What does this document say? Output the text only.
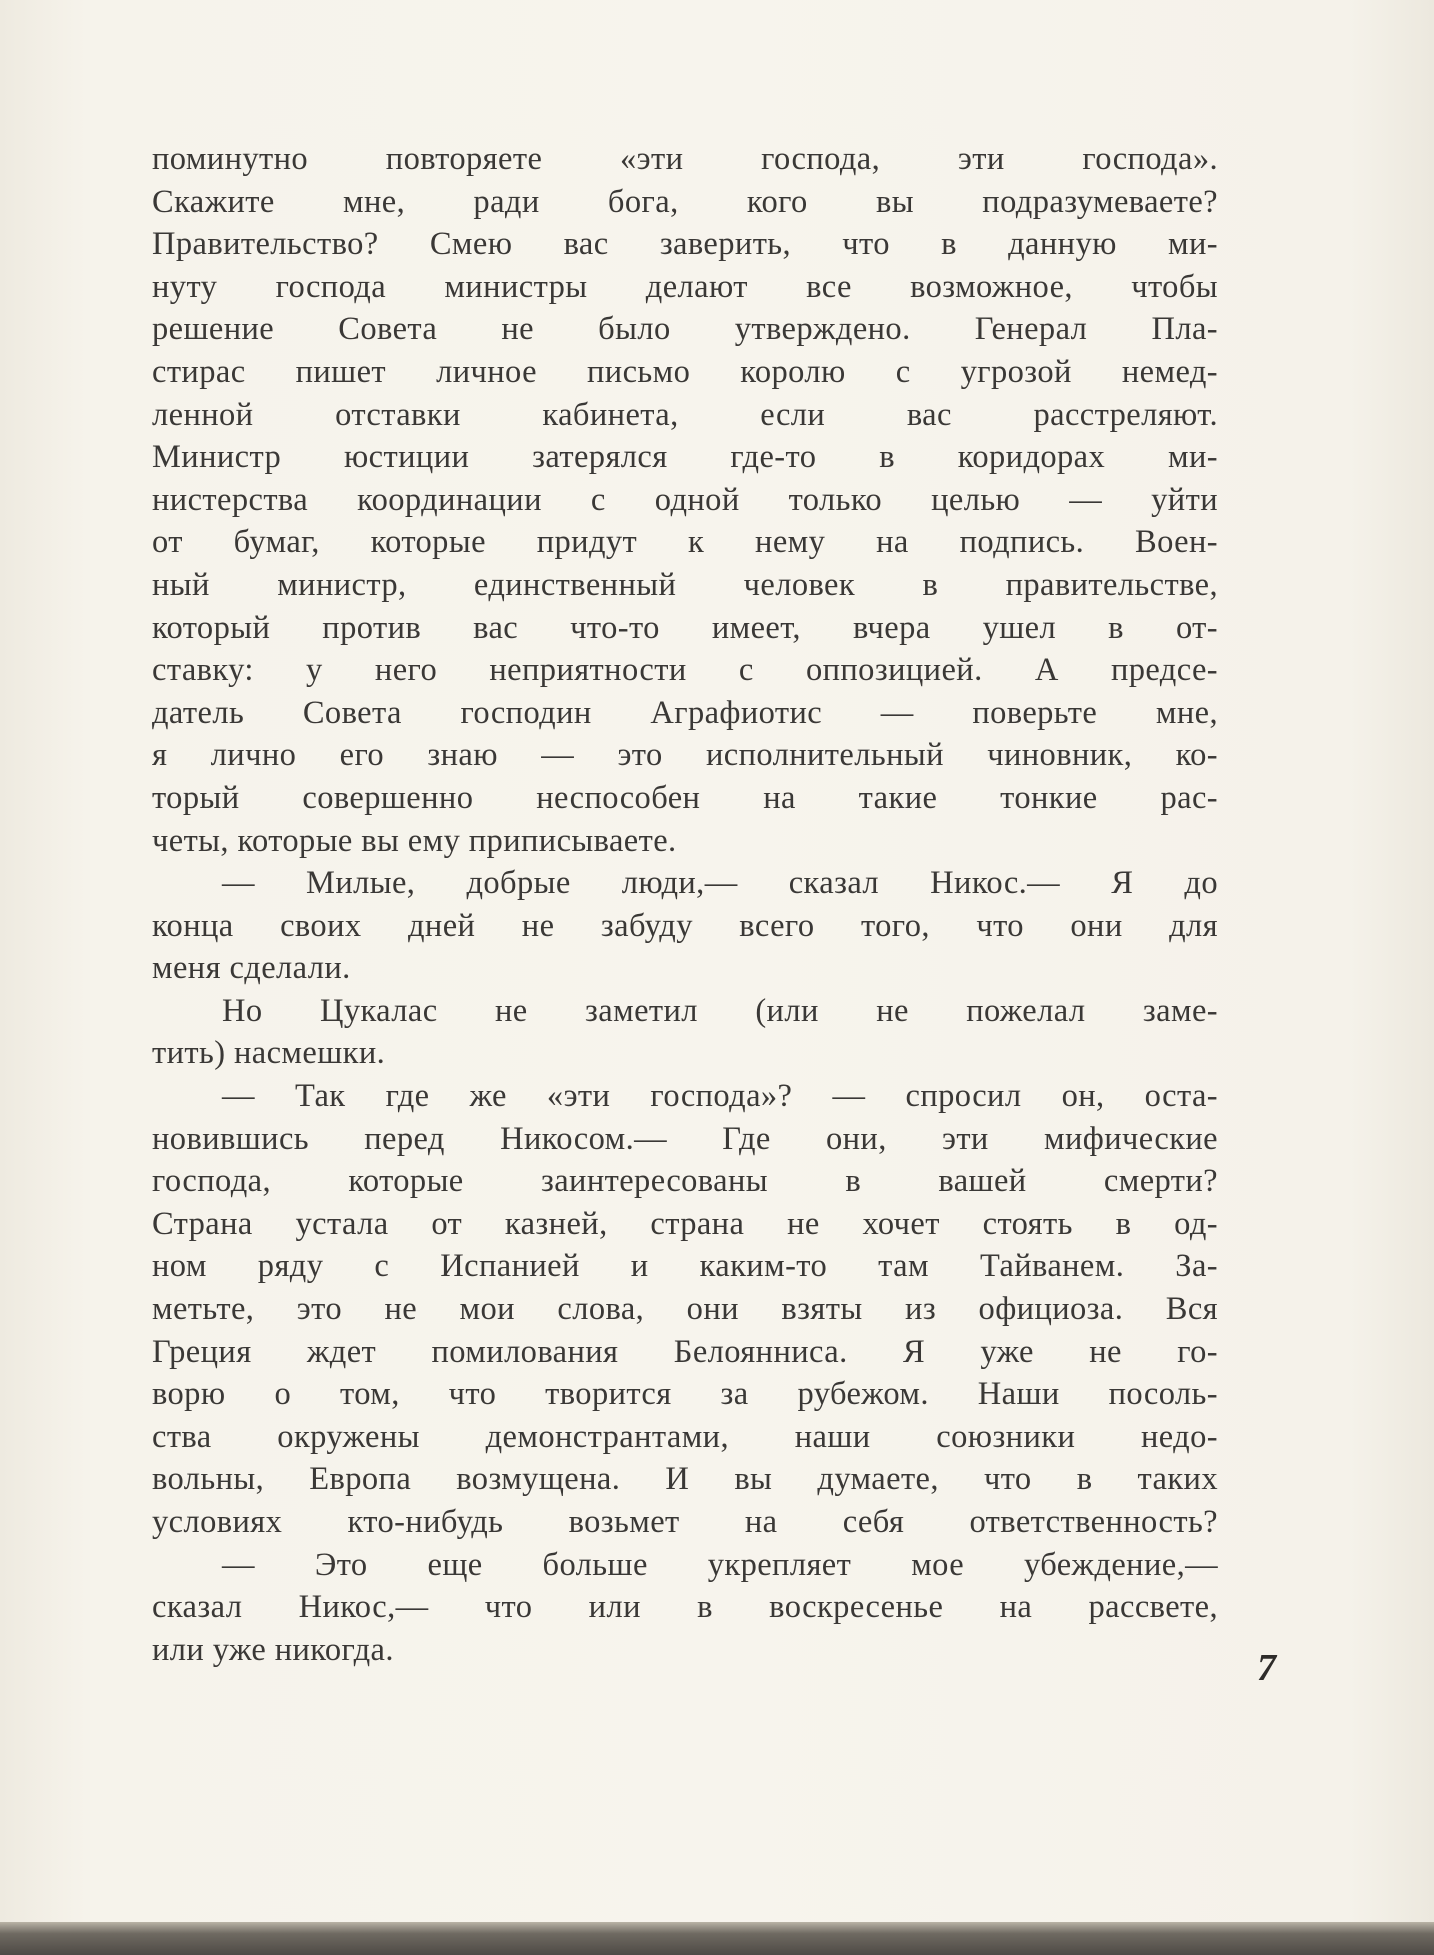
поминутно повторяете «эти господа, эти господа».
Скажите мне, ради бога, кого вы подразумеваете?
Правительство? Смею вас заверить, что в данную ми-
нуту господа министры делают все возможное, чтобы
решение Совета не было утверждено. Генерал Пла-
стирас пишет личное письмо королю с угрозой немед-
ленной отставки кабинета, если вас расстреляют.
Министр юстиции затерялся где-то в коридорах ми-
нистерства координации с одной только целью — уйти
от бумаг, которые придут к нему на подпись. Воен-
ный министр, единственный человек в правительстве,
который против вас что-то имеет, вчера ушел в от-
ставку: у него неприятности с оппозицией. А предсе-
датель Совета господин Аграфиотис — поверьте мне,
я лично его знаю — это исполнительный чиновник, ко-
торый совершенно неспособен на такие тонкие рас-
четы, которые вы ему приписываете.
— Милые, добрые люди,— сказал Никос.— Я до
конца своих дней не забуду всего того, что они для
меня сделали.
Но Цукалас не заметил (или не пожелал заме-
тить) насмешки.
— Так где же «эти господа»? — спросил он, оста-
новившись перед Никосом.— Где они, эти мифические
господа, которые заинтересованы в вашей смерти?
Страна устала от казней, страна не хочет стоять в од-
ном ряду с Испанией и каким-то там Тайванем. За-
метьте, это не мои слова, они взяты из официоза. Вся
Греция ждет помилования Белоянниса. Я уже не го-
ворю о том, что творится за рубежом. Наши посоль-
ства окружены демонстрантами, наши союзники недо-
вольны, Европа возмущена. И вы думаете, что в таких
условиях кто-нибудь возьмет на себя ответственность?
— Это еще больше укрепляет мое убеждение,—
сказал Никос,— что или в воскресенье на рассвете,
или уже никогда.	7
